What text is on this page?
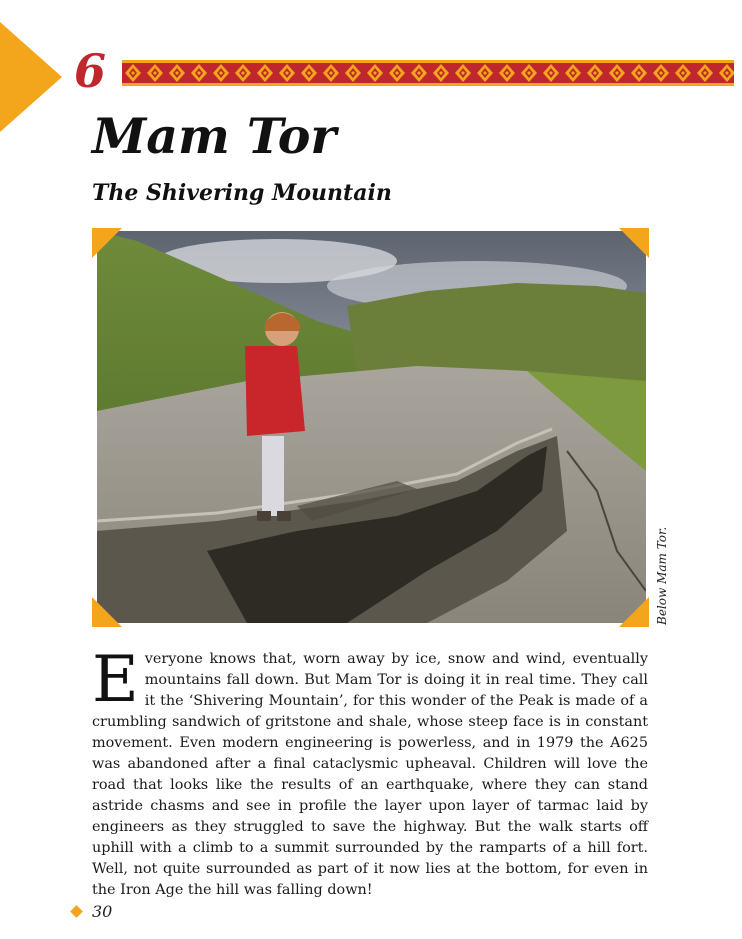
6
Mam Tor
The Shivering Mountain
Below Mam Tor.
Everyone knows that, worn away by ice, snow and wind, eventually mountains fall down. But Mam Tor is doing it in real time. They call it the ‘Shivering Mountain’, for this wonder of the Peak is made of a crumbling sandwich of gritstone and shale, whose steep face is in constant movement. Even modern engineering is powerless, and in 1979 the A625 was abandoned after a final cataclysmic upheaval. Children will love the road that looks like the results of an earthquake, where they can stand astride chasms and see in profile the layer upon layer of tarmac laid by engineers as they struggled to save the highway. But the walk starts off uphill with a climb to a summit surrounded by the ramparts of a hill fort. Well, not quite surrounded as part of it now lies at the bottom, for even in the Iron Age the hill was falling down!
30
